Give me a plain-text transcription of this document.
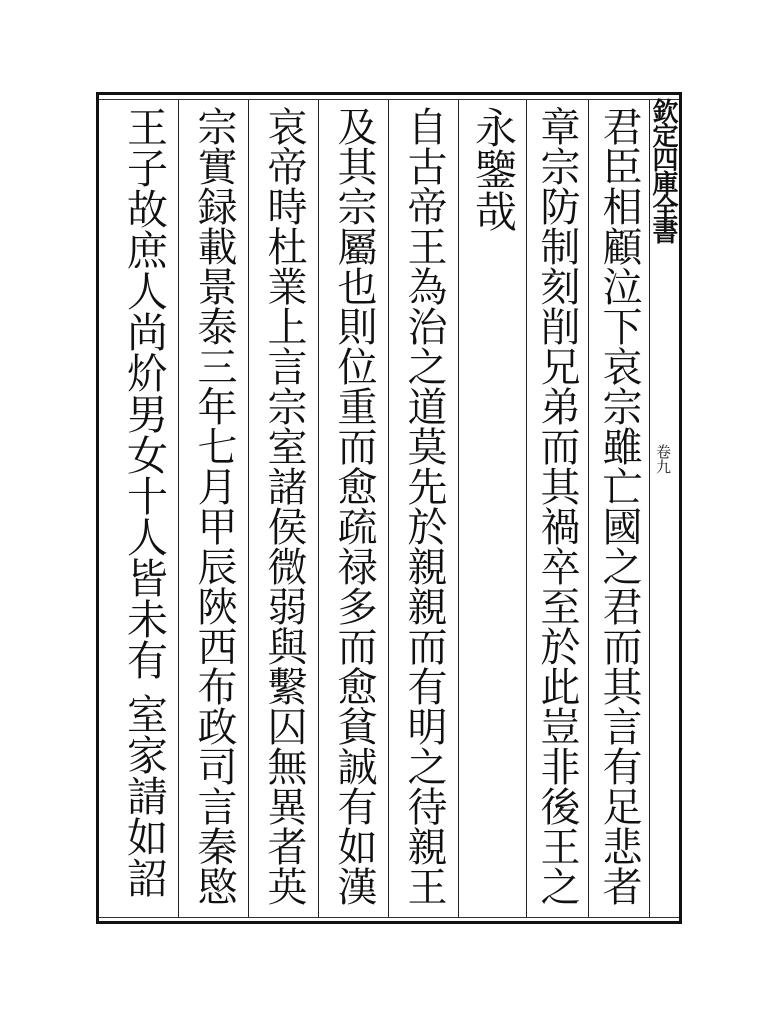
欽定四庫全書
卷九
君臣相顧泣下哀宗雖亡國之君而其言有足悲者
章宗防制刻削兄弟而其禍卒至於此豈非後王之
永鑒哉
自古帝王為治之道莫先於親親而有明之待親王
及其宗屬也則位重而愈疏禄多而愈貧誠有如漢
哀帝時杜業上言宗室諸侯微弱與繫囚無異者英
宗實録載景泰三年七月甲辰陜西布政司言秦愍
王子故庶人尚炌男女十人皆未有 室家請如詔
